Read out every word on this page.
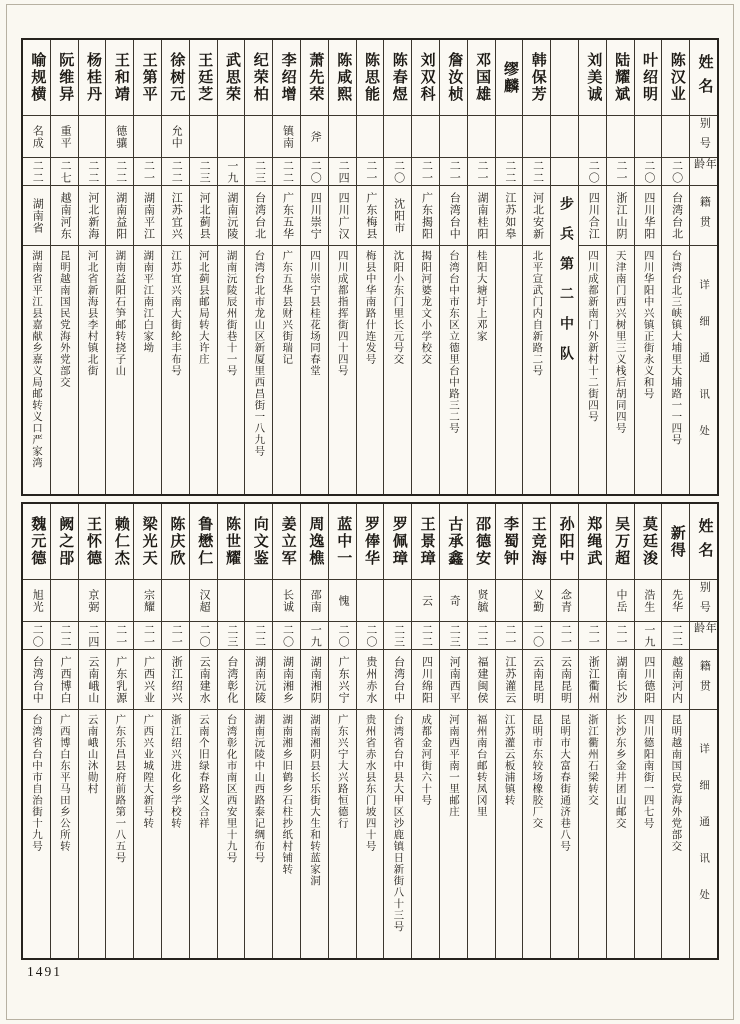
姓名
别号
年龄
籍贯
详细通讯处
陈汉业
二〇
台湾台北
台湾台北三峡镇大埔里大埔路一一四号
叶绍明
二〇
四川华阳
四川华阳中兴镇正街永义和号
陆耀斌
二一
浙江山阴
天津南门西兴树里三义栈后胡同四号
刘美诚
二〇
四川合江
四川成都新南门外新村十二街四号
步兵第二中队
韩保芳
二二
河北安新
北平宣武门内自新路二号
缪麟
二二
江苏如皋
邓国雄
二一
湖南桂阳
桂阳大塘圩上邓家
詹汝桢
二一
台湾台中
台湾台中市东区立德里台中路三二号
刘双科
二一
广东揭阳
揭阳河婆龙文小学校交
陈春煜
二〇
沈阳市
沈阳小东门里长元号交
陈思能
二一
广东梅县
梅县中华南路什连发号
陈咸熙
二四
四川广汉
四川成都指挥街四十四号
萧先荣
斧
二〇
四川崇宁
四川崇宁县桂花场同春堂
李绍增
镇南
二二
广东五华
广东五华县财兴街瑞记
纪荣柏
二三
台湾台北
台湾台北市龙山区新厦里西昌街一八九号
武思荣
一九
湖南沅陵
湖南沅陵辰州街巷十一号
王廷芝
二三
河北蓟县
河北蓟县邮局转大许庄
徐树元
允中
二二
江苏宜兴
江苏宜兴南大街纶丰布号
王第平
二一
湖南平江
湖南平江南江白家坳
王和靖
德骧
二二
湖南益阳
湖南益阳石笋邮转挠子山
杨桂丹
二二
河北新海
河北省新海县李村镇北街
阮维异
重平
二七
越南河东
昆明越南国民党海外党部交
喻规横
名成
二二
湖南省
湖南省平江县嘉献乡嘉义局邮转义口严家湾
姓名
别号
年龄
籍贯
详细通讯处
新得
先华
二二
越南河内
昆明越南国民党海外党部交
莫廷浚
浩生
一九
四川德阳
四川德阳南街一四七号
吴万超
中岳
二一
湖南长沙
长沙东乡金井团山邮交
郑绳武
二一
浙江衢州
浙江衢州石梁转交
孙阳中
念青
二一
云南昆明
昆明市大富春街通济巷八号
王竞海
义勤
二〇
云南昆明
昆明市东较场橡胶厂交
李蜀钟
二一
江苏灌云
江苏灌云板浦镇转
邵德安
贤毓
二二
福建闽侯
福州南台邮转凤冈里
古承鑫
奇
二三
河南西平
河南西平南一里邮庄
王景璋
云
二二
四川绵阳
成都金河街六十号
罗佩璋
二三
台湾台中
台湾省台中县大甲区沙鹿镇日新街八十三号
罗俸华
二〇
贵州赤水
贵州省赤水县东门坡四十号
蓝中一
愧
二〇
广东兴宁
广东兴宁大兴路恒德行
周逸樵
邵南
一九
湖南湘阴
湖南湘阴县长乐街大生和转蓝家洞
姜立军
长诚
二〇
湖南湘乡
湖南湘乡旧鹤乡石柱抄纸村铺转
向文鉴
二二
湖南沅陵
湖南沅陵中山西路泰记绸布号
陈世耀
二三
台湾彰化
台湾彰化市南区西安里十九号
鲁懋仁
汉超
二〇
云南建水
云南个旧绿春路义合祥
陈庆欣
二一
浙江绍兴
浙江绍兴进化乡学校转
梁光天
宗耀
二一
广西兴业
广西兴业城隍大新号转
赖仁杰
二一
广东乳源
广东乐昌县府前路第一八五号
王怀德
京弼
二四
云南峨山
云南峨山沐勋村
阙之郘
二二
广西博白
广西博白东平马田乡公所转
魏元德
旭光
二〇
台湾台中
台湾省台中市自治街十九号
1491
